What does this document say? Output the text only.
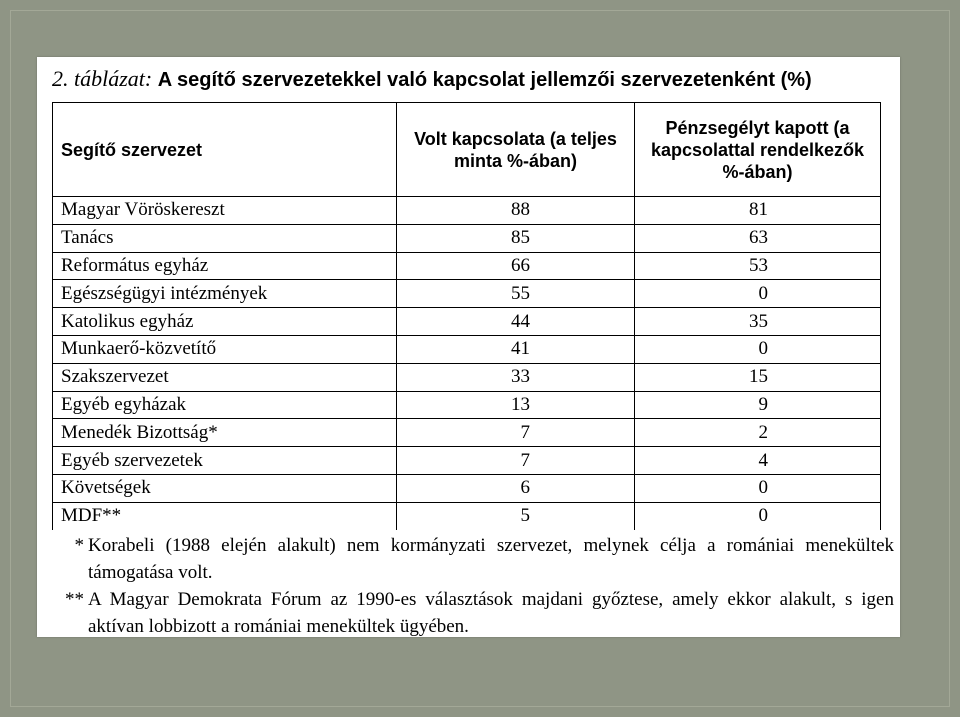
2. táblázat: A segítő szervezetekkel való kapcsolat jellemzői szervezetenként (%)
Segítő szervezet	Volt kapcsolata (a teljes minta %-ában)	Pénzsegélyt kapott (a kapcsolattal rendelkezők %-ában)
Magyar Vöröskereszt	88	81
Tanács	85	63
Református egyház	66	53
Egészségügyi intézmények	55	0
Katolikus egyház	44	35
Munkaerő-közvetítő	41	0
Szakszervezet	33	15
Egyéb egyházak	13	9
Menedék Bizottság*	7	2
Egyéb szervezetek	7	4
Követségek	6	0
MDF**	5	0
* Korabeli (1988 elején alakult) nem kormányzati szervezet, melynek célja a romániai menekültek támogatása volt.
** A Magyar Demokrata Fórum az 1990-es választások majdani győztese, amely ekkor alakult, s igen aktívan lobbizott a romániai menekültek ügyében.
